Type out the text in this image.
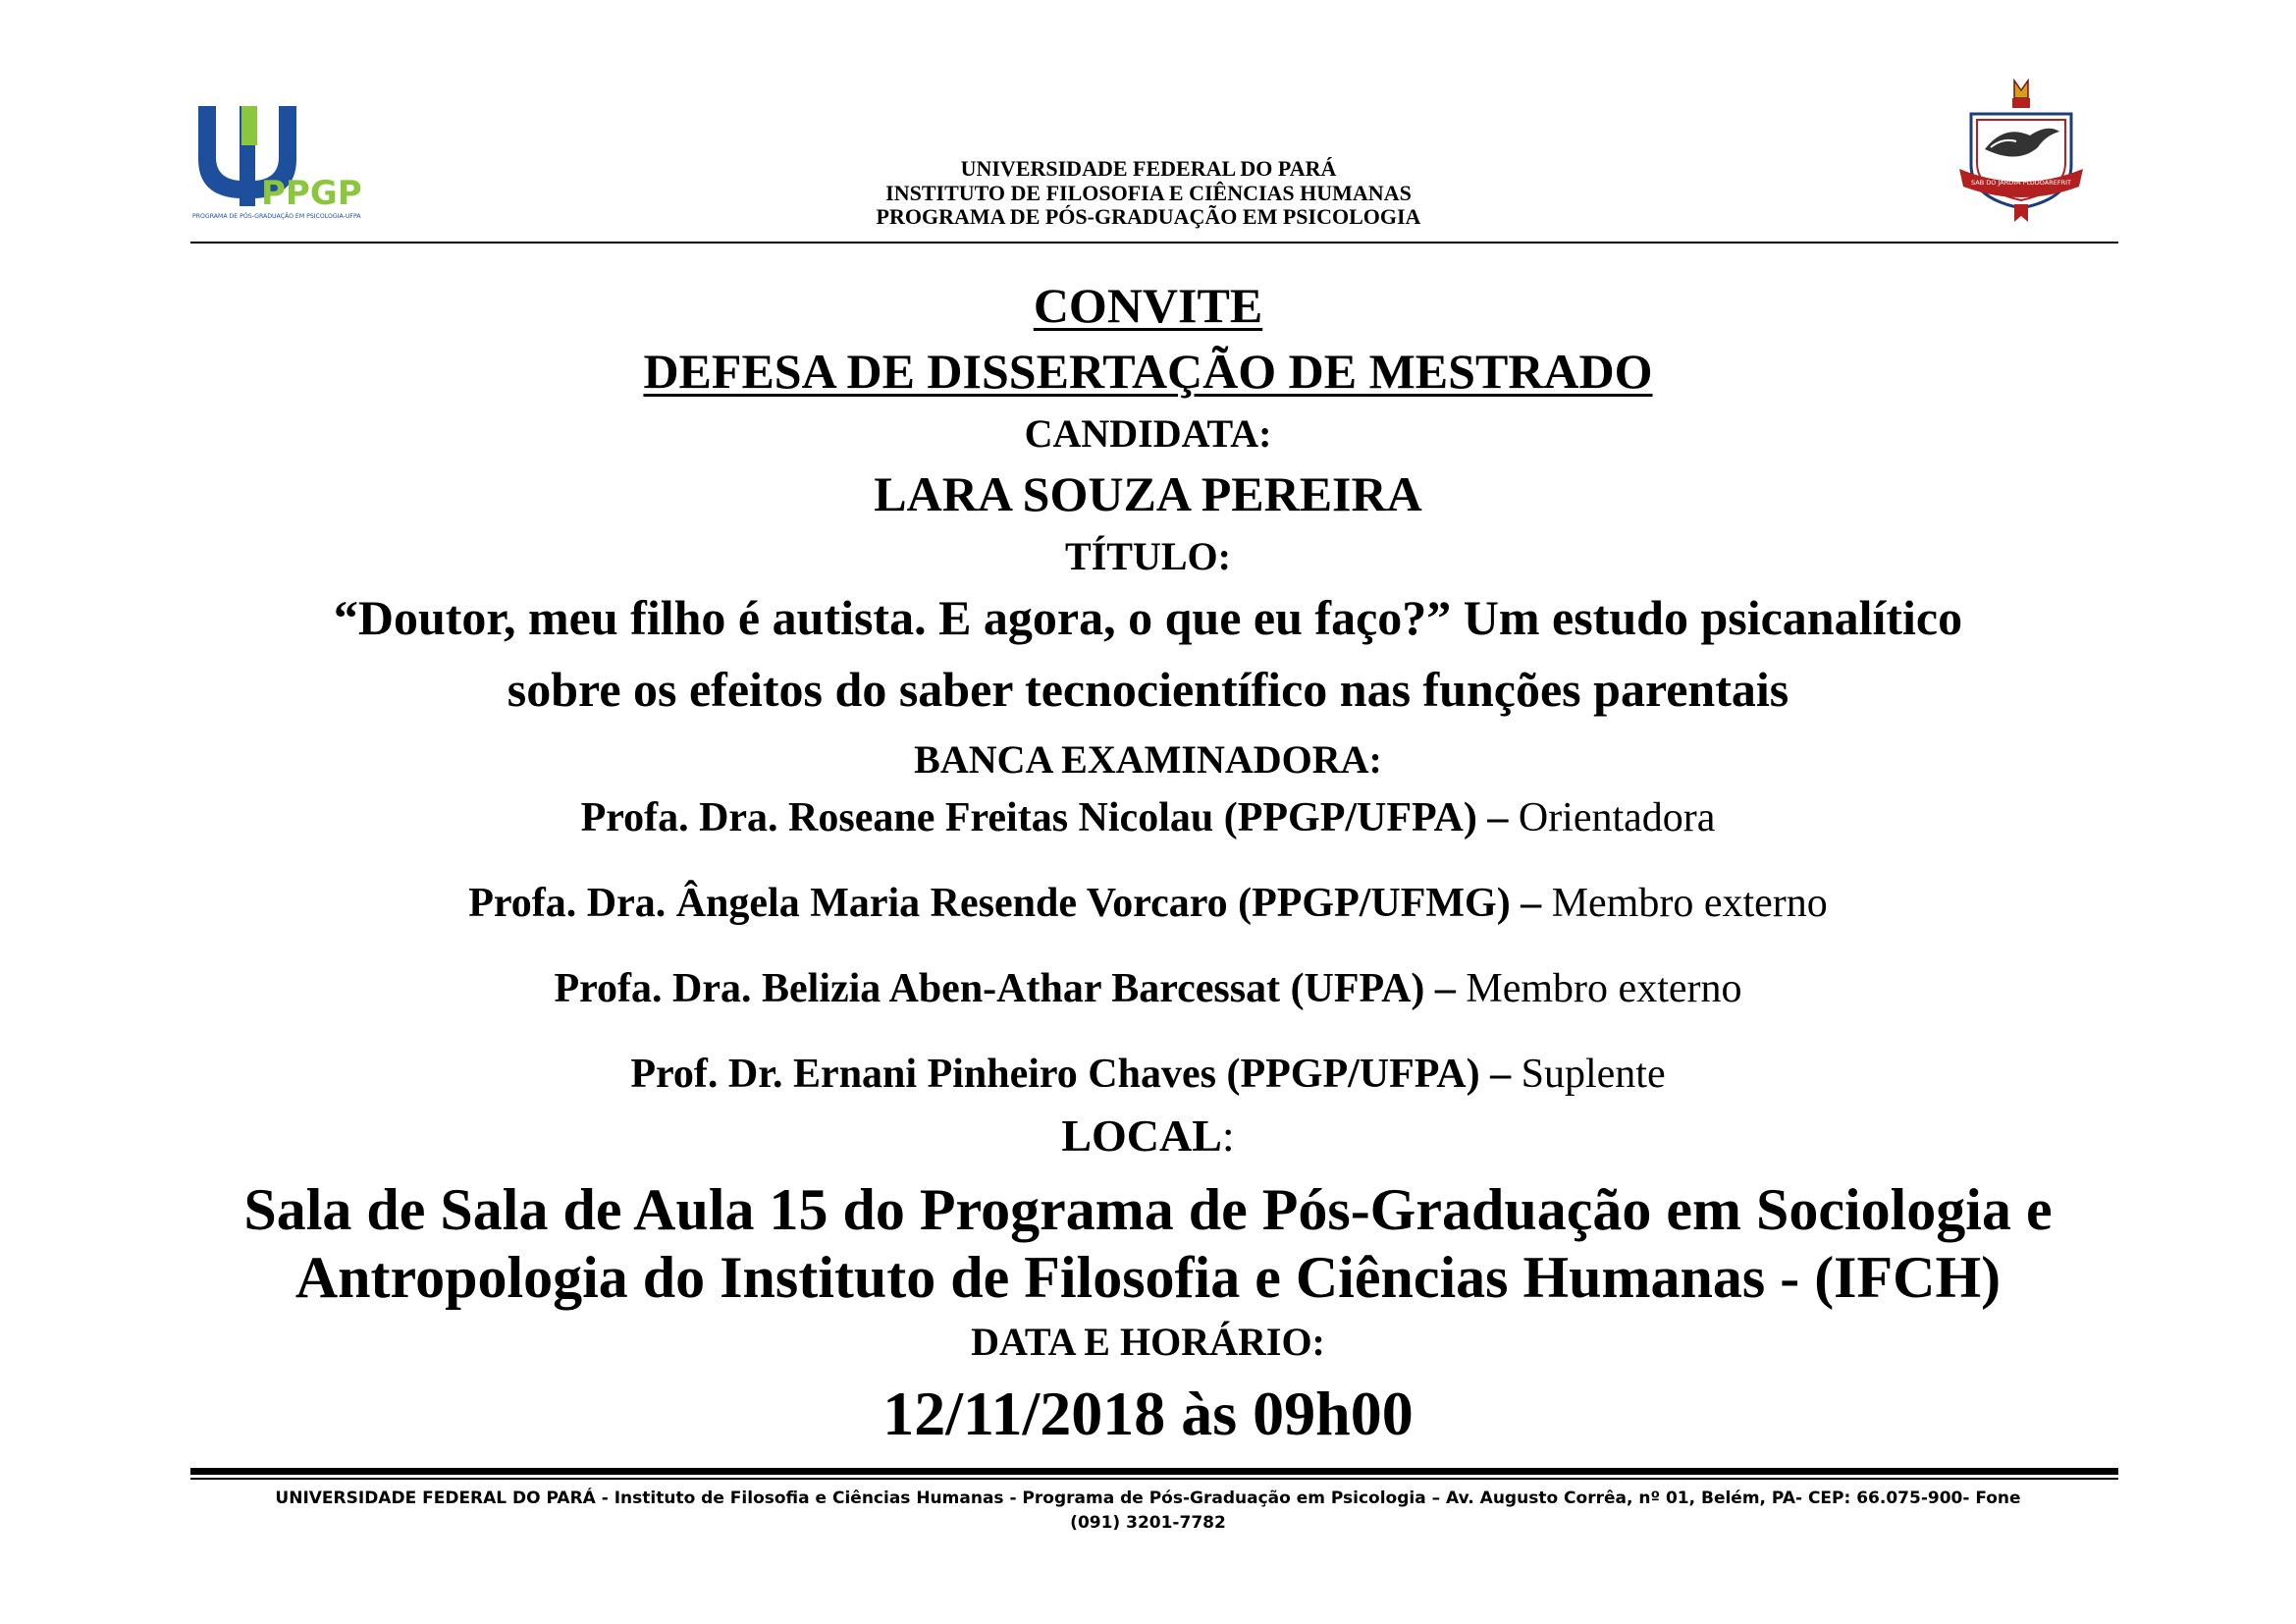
PPGP
PROGRAMA DE PÓS-GRADUAÇÃO EM PSICOLOGIA-UFPA
SAB DO JARDIM PLUDOAREFRIT
UNIVERSIDADE FEDERAL DO PARÁ
INSTITUTO DE FILOSOFIA E CIÊNCIAS HUMANAS
PROGRAMA DE PÓS-GRADUAÇÃO EM PSICOLOGIA
CONVITE
DEFESA DE DISSERTAÇÃO DE MESTRADO
CANDIDATA:
LARA SOUZA PEREIRA
TÍTULO:
“Doutor, meu filho é autista. E agora, o que eu faço?” Um estudo psicanalítico
sobre os efeitos do saber tecnocientífico nas funções parentais
BANCA EXAMINADORA:
Profa. Dra. Roseane Freitas Nicolau (PPGP/UFPA) – Orientadora
Profa. Dra. Ângela Maria Resende Vorcaro (PPGP/UFMG) – Membro externo
Profa. Dra. Belizia Aben-Athar Barcessat (UFPA) – Membro externo
Prof. Dr. Ernani Pinheiro Chaves (PPGP/UFPA) – Suplente
LOCAL:
Sala de Sala de Aula 15 do Programa de Pós-Graduação em Sociologia e
Antropologia do Instituto de Filosofia e Ciências Humanas - (IFCH)
DATA E HORÁRIO:
12/11/2018 às 09h00
UNIVERSIDADE FEDERAL DO PARÁ - Instituto de Filosofia e Ciências Humanas - Programa de Pós-Graduação em Psicologia – Av. Augusto Corrêa, nº 01, Belém, PA- CEP: 66.075-900- Fone
(091) 3201-7782
